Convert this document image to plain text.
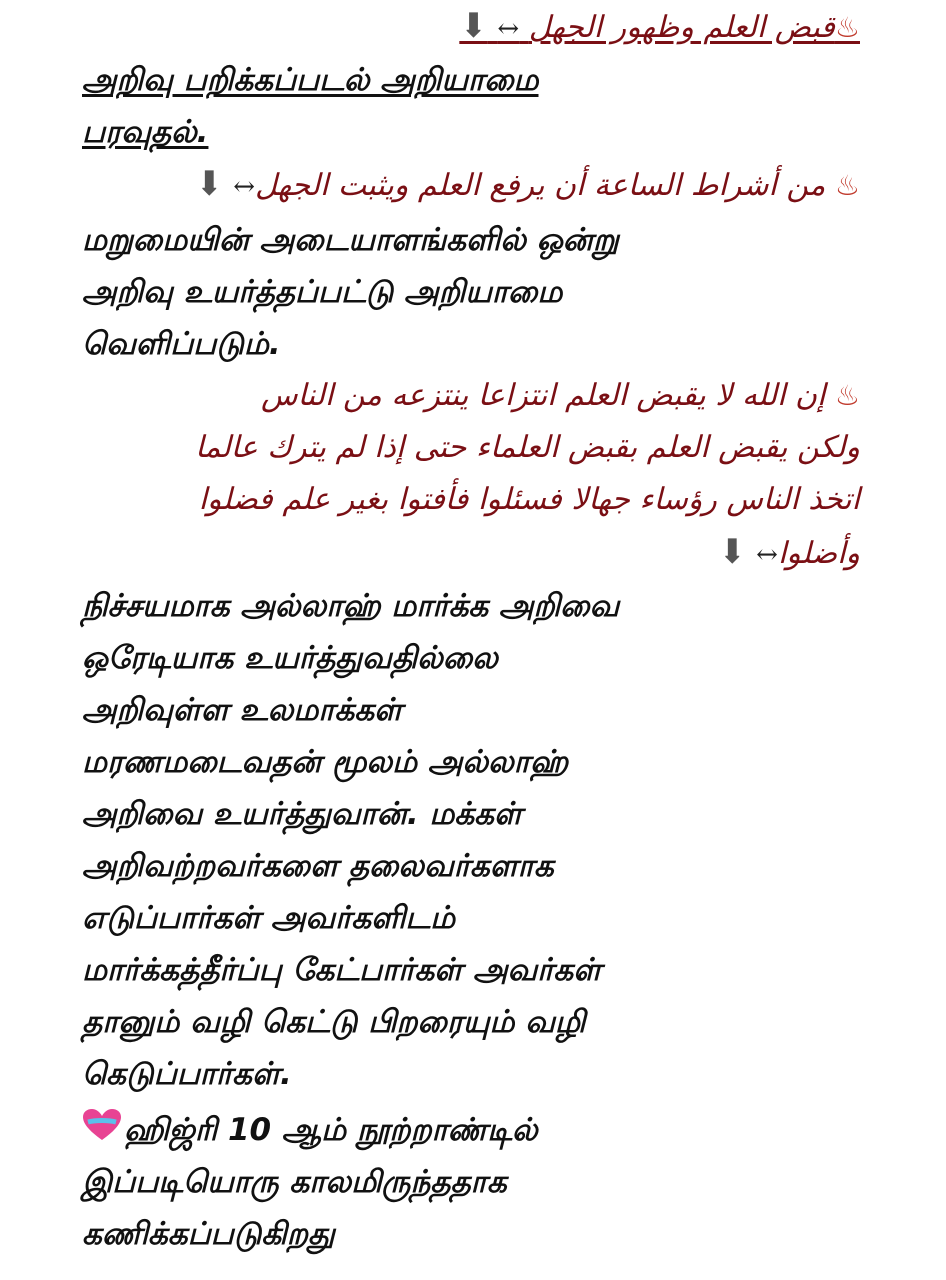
♨قبض العلم وظهور الجهل ↔ ⬇
அறிவு பறிக்கப்படல் அறியாமை
பரவுதல்.
♨ من أشراط الساعة أن يرفع العلم ويثبت الجهل↔ ⬇
மறுமையின் அடையாளங்களில் ஒன்று
அறிவு உயர்த்தப்பட்டு அறியாமை
வெளிப்படும்.
♨ إن الله لا يقبض العلم انتزاعا ينتزعه من الناس
ولكن يقبض العلم بقبض العلماء حتى إذا لم يترك عالما
اتخذ الناس رؤساء جهالا فسئلوا فأفتوا بغير علم فضلوا
وأضلوا↔ ⬇
நிச்சயமாக அல்லாஹ் மார்க்க அறிவை
ஒரேடியாக உயர்த்துவதில்லை
அறிவுள்ள உலமாக்கள்
மரணமடைவதன் மூலம் அல்லாஹ்
அறிவை உயர்த்துவான். மக்கள்
அறிவற்றவர்களை தலைவர்களாக
எடுப்பார்கள் அவர்களிடம்
மார்க்கத்தீர்ப்பு கேட்பார்கள் அவர்கள்
தானும் வழி கெட்டு பிறரையும் வழி
கெடுப்பார்கள்.
ஹிஜ்ரி 10 ஆம் நூற்றாண்டில்
இப்படியொரு காலமிருந்ததாக
கணிக்கப்படுகிறது
